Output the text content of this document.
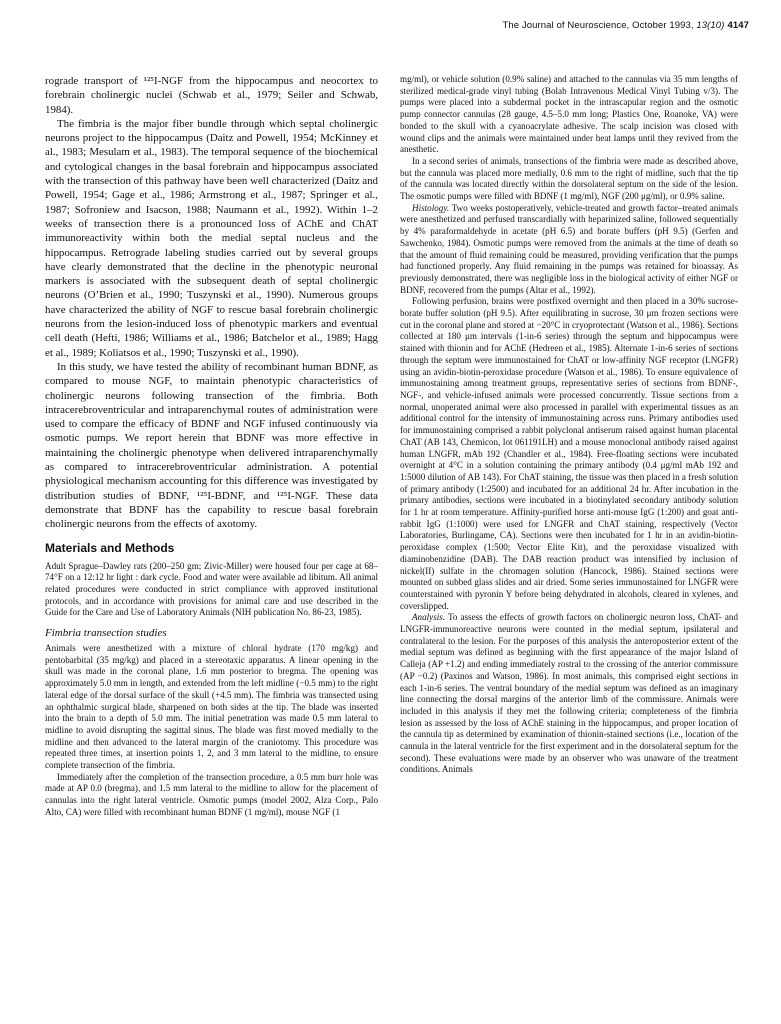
The Journal of Neuroscience, October 1993, 13(10) 4147

rograde transport of ¹²⁵I-NGF from the hippocampus and neocortex to forebrain cholinergic nuclei (Schwab et al., 1979; Seiler and Schwab, 1984).

The fimbria is the major fiber bundle through which septal cholinergic neurons project to the hippocampus (Daitz and Powell, 1954; McKinney et al., 1983; Mesulam et al., 1983). The temporal sequence of the biochemical and cytological changes in the basal forebrain and hippocampus associated with the transection of this pathway have been well characterized (Daitz and Powell, 1954; Gage et al., 1986; Armstrong et al., 1987; Springer et al., 1987; Sofroniew and Isacson, 1988; Naumann et al., 1992). Within 1–2 weeks of transection there is a pronounced loss of AChE and ChAT immunoreactivity within both the medial septal nucleus and the hippocampus. Retrograde labeling studies carried out by several groups have clearly demonstrated that the decline in the phenotypic neuronal markers is associated with the subsequent death of septal cholinergic neurons (O’Brien et al., 1990; Tuszynski et al., 1990). Numerous groups have characterized the ability of NGF to rescue basal forebrain cholinergic neurons from the lesion-induced loss of phenotypic markers and eventual cell death (Hefti, 1986; Williams et al., 1986; Batchelor et al., 1989; Hagg et al., 1989; Koliatsos et al., 1990; Tuszynski et al., 1990).

In this study, we have tested the ability of recombinant human BDNF, as compared to mouse NGF, to maintain phenotypic characteristics of cholinergic neurons following transection of the fimbria. Both intracerebroventricular and intraparenchymal routes of administration were used to compare the efficacy of BDNF and NGF infused continuously via osmotic pumps. We report herein that BDNF was more effective in maintaining the cholinergic phenotype when delivered intraparenchymally as compared to intracerebroventricular administration. A potential physiological mechanism accounting for this difference was investigated by distribution studies of BDNF, ¹²⁵I-BDNF, and ¹²⁵I-NGF. These data demonstrate that BDNF has the capability to rescue basal forebrain cholinergic neurons from the effects of axotomy.

Materials and Methods

Adult Sprague–Dawley rats (200–250 gm; Zivic-Miller) were housed four per cage at 68–74°F on a 12:12 hr light : dark cycle. Food and water were available ad libitum. All animal related procedures were conducted in strict compliance with approved institutional protocols, and in accordance with provisions for animal care and use described in the Guide for the Care and Use of Laboratory Animals (NIH publication No. 86-23, 1985).

Fimbria transection studies

Animals were anesthetized with a mixture of chloral hydrate (170 mg/kg) and pentobarbital (35 mg/kg) and placed in a stereotaxic apparatus. A linear opening in the skull was made in the coronal plane, 1.6 mm posterior to bregma. The opening was approximately 5.0 mm in length, and extended from the left midline (−0.5 mm) to the right lateral edge of the dorsal surface of the skull (+4.5 mm). The fimbria was transected using an ophthalmic surgical blade, sharpened on both sides at the tip. The blade was inserted into the brain to a depth of 5.0 mm. The initial penetration was made 0.5 mm lateral to midline to avoid disrupting the sagittal sinus. The blade was first moved medially to the midline and then advanced to the lateral margin of the craniotomy. This procedure was repeated three times, at insertion points 1, 2, and 3 mm lateral to the midline, to ensure complete transection of the fimbria.

Immediately after the completion of the transection procedure, a 0.5 mm burr hole was made at AP 0.0 (bregma), and 1.5 mm lateral to the midline to allow for the placement of cannulas into the right lateral ventricle. Osmotic pumps (model 2002, Alza Corp., Palo Alto, CA) were filled with recombinant human BDNF (1 mg/ml), mouse NGF (1

mg/ml), or vehicle solution (0.9% saline) and attached to the cannulas via 35 mm lengths of sterilized medical-grade vinyl tubing (Bolab Intravenous Medical Vinyl Tubing v/3). The pumps were placed into a subdermal pocket in the intrascapular region and the osmotic pump connector cannulas (28 gauge, 4.5–5.0 mm long; Plastics One, Roanoke, VA) were bonded to the skull with a cyanoacrylate adhesive. The scalp incision was closed with wound clips and the animals were maintained under heat lamps until they revived from the anesthetic.

In a second series of animals, transections of the fimbria were made as described above, but the cannula was placed more medially, 0.6 mm to the right of midline, such that the tip of the cannula was located directly within the dorsolateral septum on the side of the lesion. The osmotic pumps were filled with BDNF (1 mg/ml), NGF (200 μg/ml), or 0.9% saline.

Histology. Two weeks postoperatively, vehicle-treated and growth factor–treated animals were anesthetized and perfused transcardially with heparinized saline, followed sequentially by 4% paraformaldehyde in acetate (pH 6.5) and borate buffers (pH 9.5) (Gerfen and Sawchenko, 1984). Osmotic pumps were removed from the animals at the time of death so that the amount of fluid remaining could be measured, providing verification that the pumps had functioned properly. Any fluid remaining in the pumps was retained for bioassay. As previously demonstrated, there was negligible loss in the biological activity of either NGF or BDNF, recovered from the pumps (Altar et al., 1992).

Following perfusion, brains were postfixed overnight and then placed in a 30% sucrose-borate buffer solution (pH 9.5). After equilibrating in sucrose, 30 μm frozen sections were cut in the coronal plane and stored at −20°C in cryoprotectant (Watson et al., 1986). Sections collected at 180 μm intervals (1-in-6 series) through the septum and hippocampus were stained with thionin and for AChE (Hedreen et al., 1985). Alternate 1-in-6 series of sections through the septum were immunostained for ChAT or low-affinity NGF receptor (LNGFR) using an avidin-biotin-peroxidase procedure (Watson et al., 1986). To ensure equivalence of immunostaining among treatment groups, representative series of sections from BDNF-, NGF-, and vehicle-infused animals were processed concurrently. Tissue sections from a normal, unoperated animal were also processed in parallel with experimental tissues as an additional control for the intensity of immunostaining across runs. Primary antibodies used for immunostaining comprised a rabbit polyclonal antiserum raised against human placental ChAT (AB 143, Chemicon, lot 061191LH) and a mouse monoclonal antibody raised against human LNGFR, mAb 192 (Chandler et al., 1984). Free-floating sections were incubated overnight at 4°C in a solution containing the primary antibody (0.4 μg/ml mAb 192 and 1:5000 dilution of AB 143). For ChAT staining, the tissue was then placed in a fresh solution of primary antibody (1:2500) and incubated for an additional 24 hr. After incubation in the primary antibodies, sections were incubated in a biotinylated secondary antibody solution for 1 hr at room temperature. Affinity-purified horse anti-mouse IgG (1:200) and goat anti-rabbit IgG (1:1000) were used for LNGFR and ChAT staining, respectively (Vector Laboratories, Burlingame, CA). Sections were then incubated for 1 hr in an avidin-biotin-peroxidase complex (1:500; Vector Elite Kit), and the peroxidase visualized with diaminobenzidine (DAB). The DAB reaction product was intensified by inclusion of nickel(II) sulfate in the chromagen solution (Hancock, 1986). Stained sections were mounted on subbed glass slides and air dried. Some series immunostained for LNGFR were counterstained with pyronin Y before being dehydrated in alcohols, cleared in xylenes, and coverslipped.

Analysis. To assess the effects of growth factors on cholinergic neuron loss, ChAT- and LNGFR-immunoreactive neurons were counted in the medial septum, ipsilateral and contralateral to the lesion. For the purposes of this analysis the anteroposterior extent of the medial septum was defined as beginning with the first appearance of the major Island of Calleja (AP +1.2) and ending immediately rostral to the crossing of the anterior commissure (AP −0.2) (Paxinos and Watson, 1986). In most animals, this comprised eight sections in each 1-in-6 series. The ventral boundary of the medial septum was defined as an imaginary line connecting the dorsal margins of the anterior limb of the commissure. Animals were included in this analysis if they met the following criteria; completeness of the fimbria lesion as assessed by the loss of AChE staining in the hippocampus, and proper location of the cannula tip as determined by examination of thionin-stained sections (i.e., location of the cannula in the lateral ventricle for the first experiment and in the dorsolateral septum for the second). These evaluations were made by an observer who was unaware of the treatment conditions. Animals
